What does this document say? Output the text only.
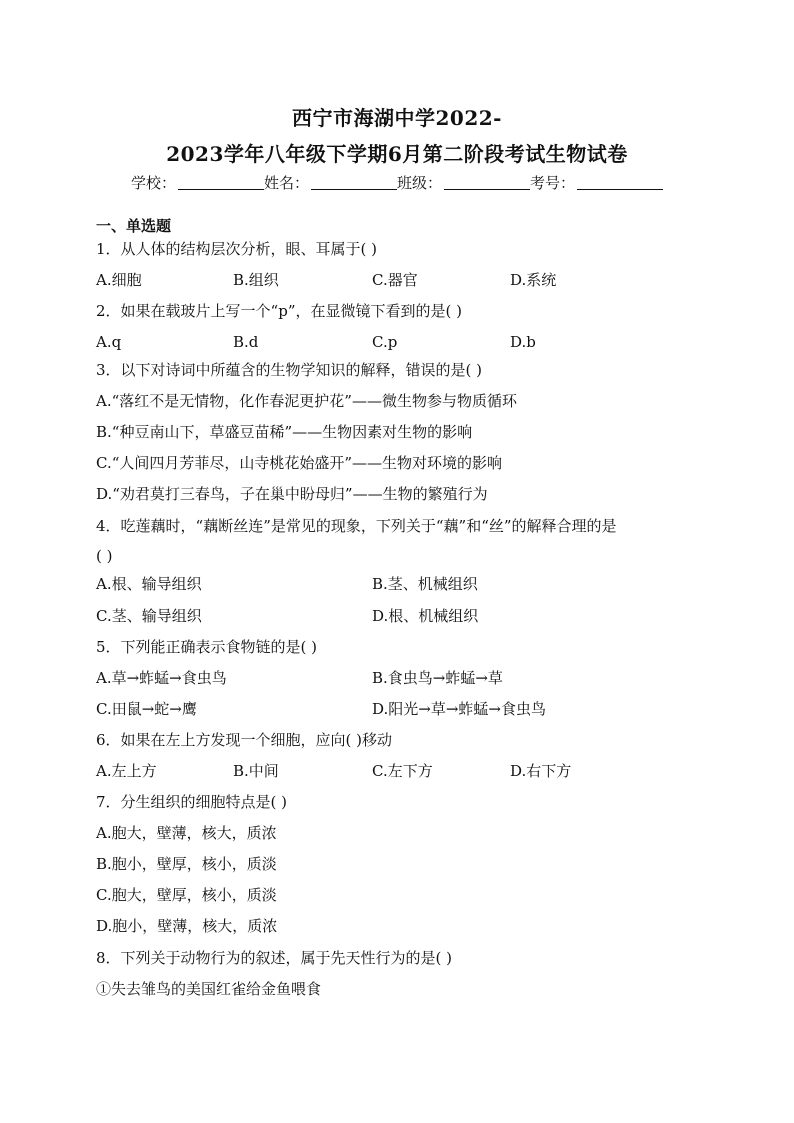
西宁市海湖中学2022-
2023学年八年级下学期6月第二阶段考试生物试卷
学校：	姓名：	班级：	考号：
一、单选题
1．从人体的结构层次分析，眼、耳属于( )
A.细胞	B.组织	C.器官	D.系统
2．如果在载玻片上写一个“p”，在显微镜下看到的是( )
A.q	B.d	C.p	D.b
3．以下对诗词中所蕴含的生物学知识的解释，错误的是( )
A.“落红不是无情物，化作春泥更护花”——微生物参与物质循环
B.“种豆南山下，草盛豆苗稀”——生物因素对生物的影响
C.“人间四月芳菲尽，山寺桃花始盛开”——生物对环境的影响
D.“劝君莫打三春鸟，子在巢中盼母归”——生物的繁殖行为
4．吃莲藕时，“藕断丝连”是常见的现象，下列关于“藕”和“丝”的解释合理的是
( )
A.根、输导组织	B.茎、机械组织
C.茎、输导组织	D.根、机械组织
5．下列能正确表示食物链的是( )
A.草→蚱蜢→食虫鸟	B.食虫鸟→蚱蜢→草
C.田鼠→蛇→鹰	D.阳光→草→蚱蜢→食虫鸟
6．如果在左上方发现一个细胞，应向( )移动
A.左上方	B.中间	C.左下方	D.右下方
7．分生组织的细胞特点是( )
A.胞大，壁薄，核大，质浓
B.胞小，壁厚，核小，质淡
C.胞大，壁厚，核小，质淡
D.胞小，壁薄，核大，质浓
8．下列关于动物行为的叙述，属于先天性行为的是( )
①失去雏鸟的美国红雀给金鱼喂食
